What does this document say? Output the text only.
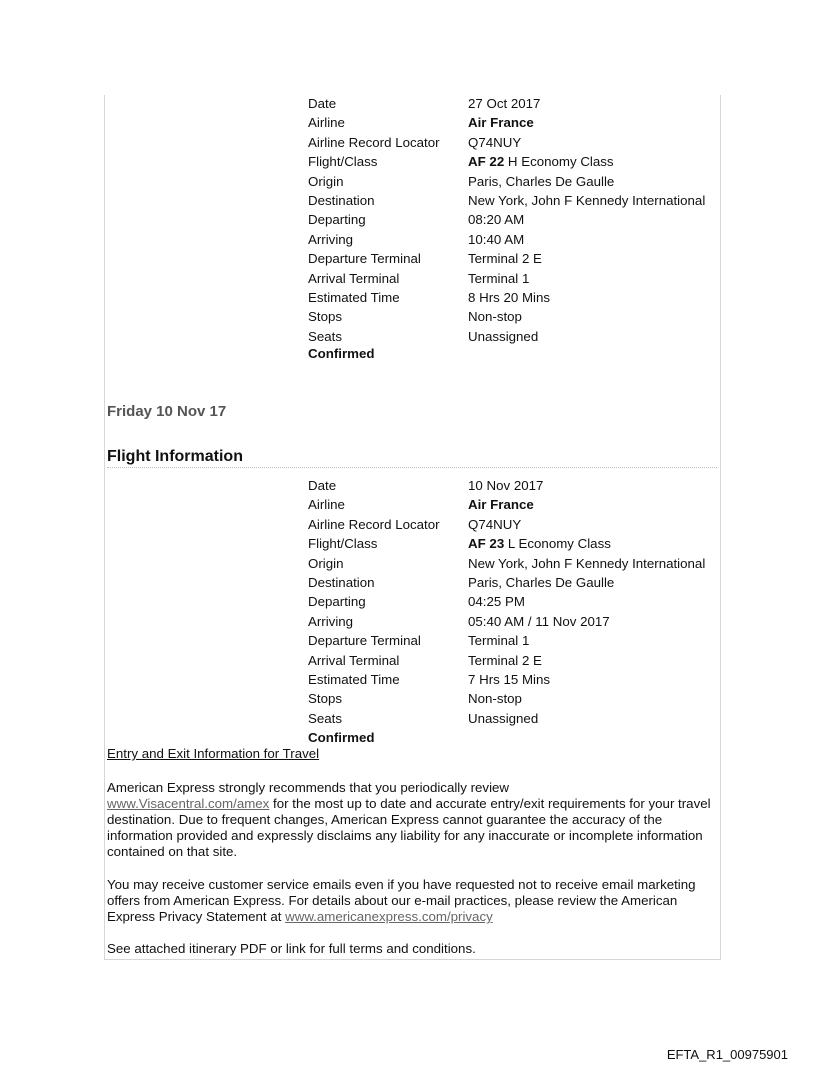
Date	27 Oct 2017
Airline	Air France
Airline Record Locator Q74NUY
Flight/Class	AF 22 H Economy Class
Origin	Paris, Charles De Gaulle
Destination	New York, John F Kennedy International
Departing	08:20 AM
Arriving	10:40 AM
Departure Terminal	Terminal 2 E
Arrival Terminal	Terminal 1
Estimated Time	8 Hrs 20 Mins
Stops	Non-stop
Seats	Unassigned
Confirmed
Friday 10 Nov 17
Flight Information
Date	10 Nov 2017
Airline	Air France
Airline Record Locator Q74NUY
Flight/Class	AF 23 L Economy Class
Origin	New York, John F Kennedy International
Destination	Paris, Charles De Gaulle
Departing	04:25 PM
Arriving	05:40 AM / 11 Nov 2017
Departure Terminal	Terminal 1
Arrival Terminal	Terminal 2 E
Estimated Time	7 Hrs 15 Mins
Stops	Non-stop
Seats	Unassigned
Confirmed
Entry and Exit Information for Travel
American Express strongly recommends that you periodically review
www.Visacentral.com/amex for the most up to date and accurate entry/exit requirements for your travel destination. Due to frequent changes, American Express cannot guarantee the accuracy of the information provided and expressly disclaims any liability for any inaccurate or incomplete information contained on that site.
You may receive customer service emails even if you have requested not to receive email marketing offers from American Express. For details about our e-mail practices, please review the American Express Privacy Statement at www.americanexpress.com/privacy
See attached itinerary PDF or link for full terms and conditions.
EFTA_R1_00975901
